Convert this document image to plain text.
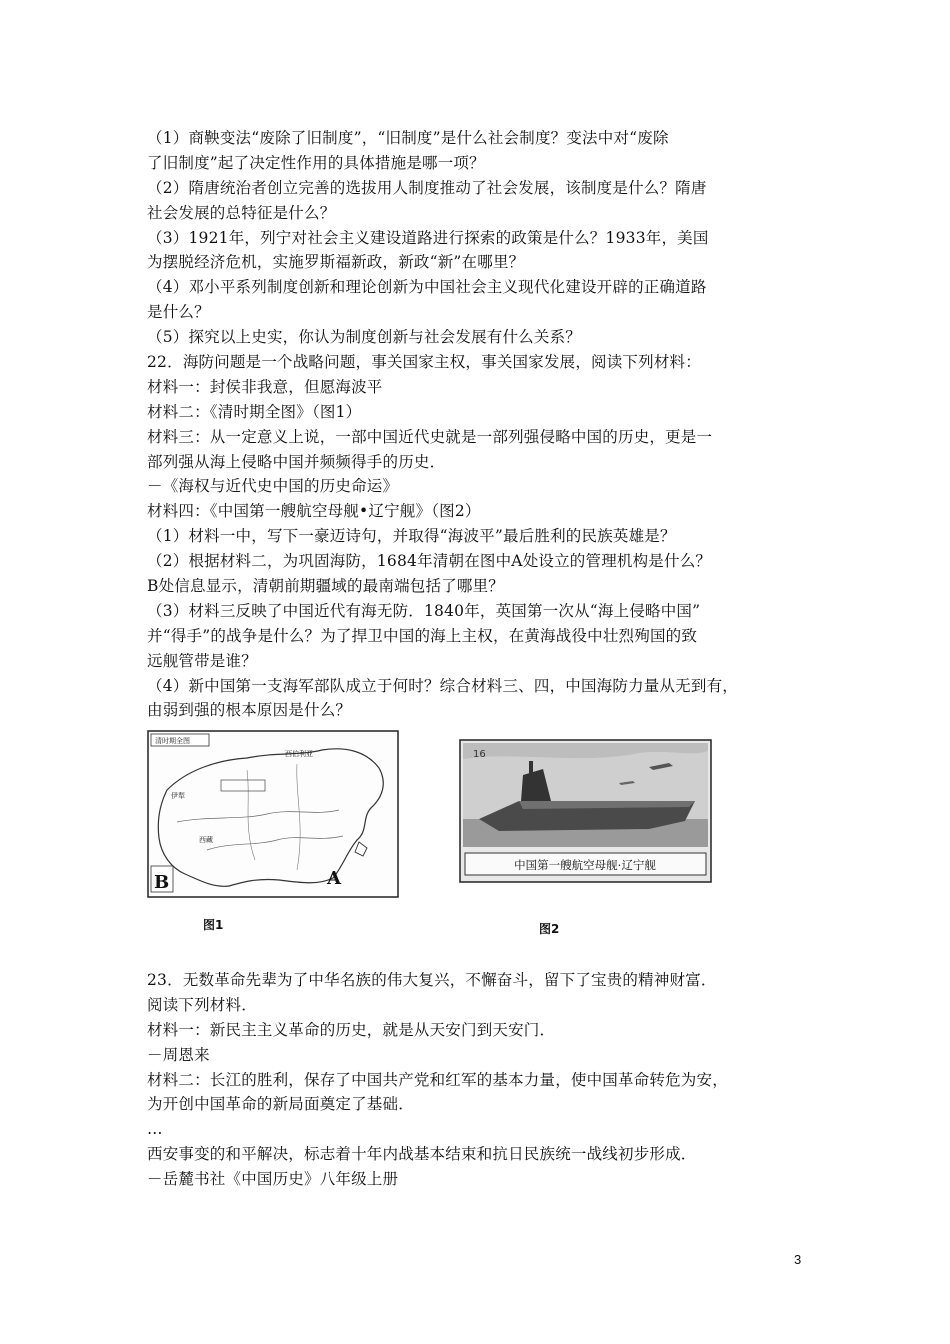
（1）商鞅变法“废除了旧制度”，“旧制度”是什么社会制度？变法中对“废除
了旧制度”起了决定性作用的具体措施是哪一项？
（2）隋唐统治者创立完善的选拔用人制度推动了社会发展，该制度是什么？隋唐
社会发展的总特征是什么？
（3）1921年，列宁对社会主义建设道路进行探索的政策是什么？1933年，美国
为摆脱经济危机，实施罗斯福新政，新政“新”在哪里？
（4）邓小平系列制度创新和理论创新为中国社会主义现代化建设开辟的正确道路
是什么？
（5）探究以上史实，你认为制度创新与社会发展有什么关系？
22．海防问题是一个战略问题，事关国家主权，事关国家发展，阅读下列材料：
材料一：封侯非我意，但愿海波平
材料二：《清时期全图》（图1）
材料三：从一定意义上说，一部中国近代史就是一部列强侵略中国的历史，更是一
部列强从海上侵略中国并频频得手的历史．
－《海权与近代史中国的历史命运》
材料四：《中国第一艘航空母舰•辽宁舰》（图2）
（1）材料一中，写下一豪迈诗句，并取得“海波平”最后胜利的民族英雄是？
（2）根据材料二，为巩固海防，1684年清朝在图中A处设立的管理机构是什么？
B处信息显示，清朝前期疆域的最南端包括了哪里？
（3）材料三反映了中国近代有海无防．1840年，英国第一次从“海上侵略中国”
并“得手”的战争是什么？为了捍卫中国的海上主权，在黄海战役中壮烈殉国的致
远舰管带是谁？
（4）新中国第一支海军部队成立于何时？综合材料三、四，中国海防力量从无到有，
由弱到强的根本原因是什么？
清时期全图
西伯利亚
伊犁
西藏
A
B
图1
16
中国第一艘航空母舰·辽宁舰
图2
23．无数革命先辈为了中华名族的伟大复兴，不懈奋斗，留下了宝贵的精神财富．
阅读下列材料．
材料一：新民主主义革命的历史，就是从天安门到天安门．
－周恩来
材料二：长江的胜利，保存了中国共产党和红军的基本力量，使中国革命转危为安，
为开创中国革命的新局面奠定了基础．
…
西安事变的和平解决，标志着十年内战基本结束和抗日民族统一战线初步形成．
－岳麓书社《中国历史》八年级上册
3
